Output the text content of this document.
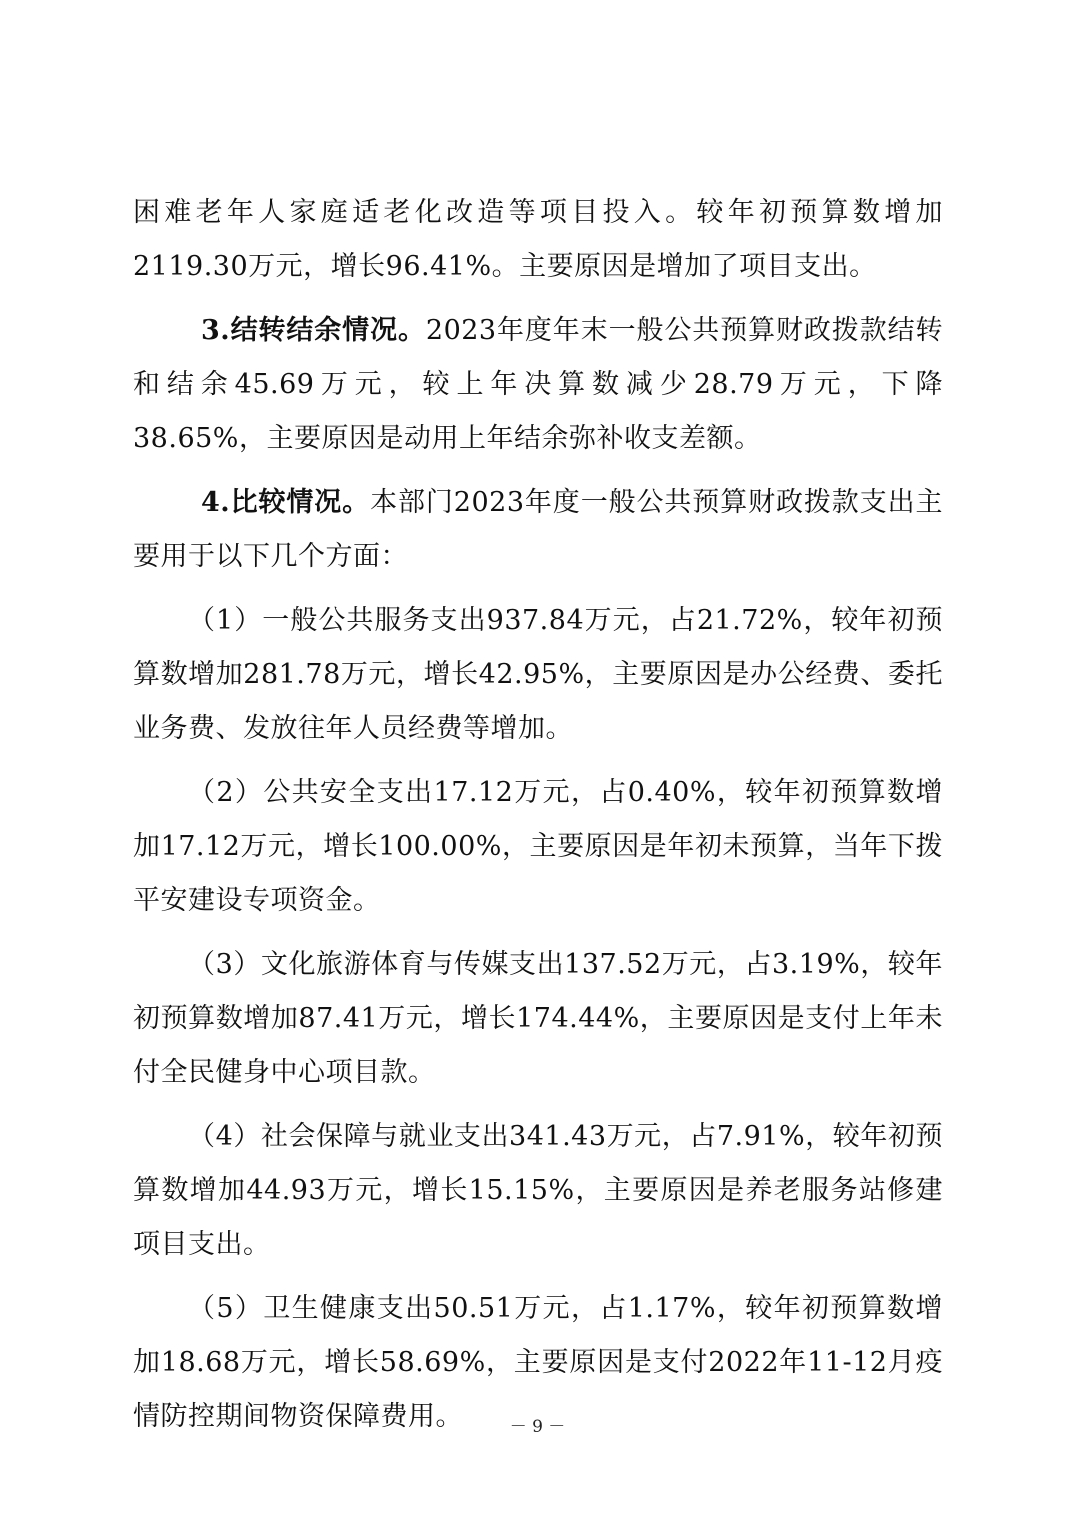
困难老年人家庭适老化改造等项目投入。较年初预算数增加2119.30万元，增长96.41%。主要原因是增加了项目支出。

3.结转结余情况。2023年度年末一般公共预算财政拨款结转和结余45.69万元，较上年决算数减少28.79万元，下降38.65%，主要原因是动用上年结余弥补收支差额。

4.比较情况。本部门2023年度一般公共预算财政拨款支出主要用于以下几个方面：

（1）一般公共服务支出937.84万元，占21.72%，较年初预算数增加281.78万元，增长42.95%，主要原因是办公经费、委托业务费、发放往年人员经费等增加。

（2）公共安全支出17.12万元，占0.40%，较年初预算数增加17.12万元，增长100.00%，主要原因是年初未预算，当年下拨平安建设专项资金。

（3）文化旅游体育与传媒支出137.52万元，占3.19%，较年初预算数增加87.41万元，增长174.44%，主要原因是支付上年未付全民健身中心项目款。

（4）社会保障与就业支出341.43万元，占7.91%，较年初预算数增加44.93万元，增长15.15%，主要原因是养老服务站修建项目支出。

（5）卫生健康支出50.51万元，占1.17%，较年初预算数增加18.68万元，增长58.69%，主要原因是支付2022年11-12月疫情防控期间物资保障费用。	－ 9 －
